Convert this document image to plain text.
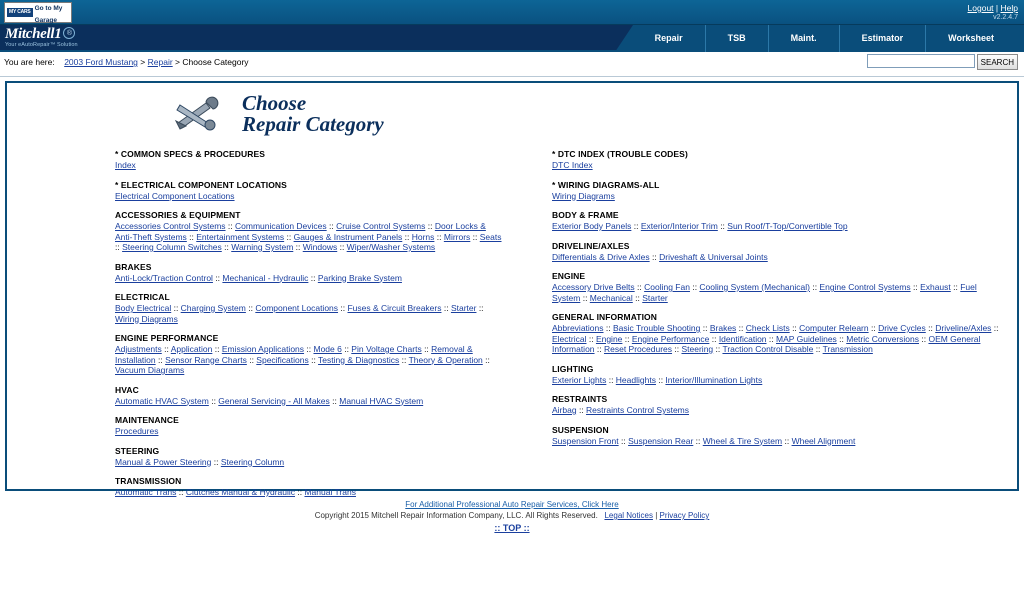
MY CARS
Go to My
Garage
Logout | Help
v2.2.4.7
Mitchell1 ®
Your eAutoRepair™ Solution
Repair	TSB	Maint.	Estimator	Worksheet
You are here: 2003 Ford Mustang > Repair > Choose Category	SEARCH
Choose
Repair Category
* COMMON SPECS & PROCEDURES
Index
* ELECTRICAL COMPONENT LOCATIONS
Electrical Component Locations
ACCESSORIES & EQUIPMENT
Accessories Control Systems :: Communication Devices :: Cruise Control Systems :: Door Locks & Anti-Theft Systems :: Entertainment Systems :: Gauges & Instrument Panels :: Horns :: Mirrors :: Seats :: Steering Column Switches :: Warning System :: Windows :: Wiper/Washer Systems
BRAKES
Anti-Lock/Traction Control :: Mechanical - Hydraulic :: Parking Brake System
ELECTRICAL
Body Electrical :: Charging System :: Component Locations :: Fuses & Circuit Breakers :: Starter :: Wiring Diagrams
ENGINE PERFORMANCE
Adjustments :: Application :: Emission Applications :: Mode 6 :: Pin Voltage Charts :: Removal & Installation :: Sensor Range Charts :: Specifications :: Testing & Diagnostics :: Theory & Operation :: Vacuum Diagrams
HVAC
Automatic HVAC System :: General Servicing - All Makes :: Manual HVAC System
MAINTENANCE
Procedures
STEERING
Manual & Power Steering :: Steering Column
TRANSMISSION
Automatic Trans :: Clutches Manual & Hydraulic :: Manual Trans
* DTC INDEX (TROUBLE CODES)
DTC Index
* WIRING DIAGRAMS-ALL
Wiring Diagrams
BODY & FRAME
Exterior Body Panels :: Exterior/Interior Trim :: Sun Roof/T-Top/Convertible Top
DRIVELINE/AXLES
Differentials & Drive Axles :: Driveshaft & Universal Joints
ENGINE
Accessory Drive Belts :: Cooling Fan :: Cooling System (Mechanical) :: Engine Control Systems :: Exhaust :: Fuel System :: Mechanical :: Starter
GENERAL INFORMATION
Abbreviations :: Basic Trouble Shooting :: Brakes :: Check Lists :: Computer Relearn :: Drive Cycles :: Driveline/Axles :: Electrical :: Engine :: Engine Performance :: Identification :: MAP Guidelines :: Metric Conversions :: OEM General Information :: Reset Procedures :: Steering :: Traction Control Disable :: Transmission
LIGHTING
Exterior Lights :: Headlights :: Interior/Illumination Lights
RESTRAINTS
Airbag :: Restraints Control Systems
SUSPENSION
Suspension Front :: Suspension Rear :: Wheel & Tire System :: Wheel Alignment
For Additional Professional Auto Repair Services, Click Here
Copyright 2015 Mitchell Repair Information Company, LLC. All Rights Reserved. Legal Notices | Privacy Policy
:: TOP ::
